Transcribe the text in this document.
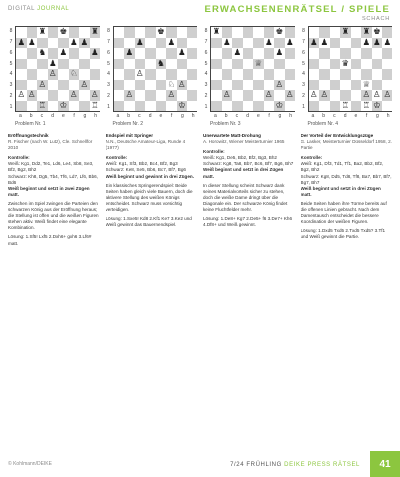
DIGITAL JOURNAL	ERWACHSENENRÄTSEL / SPIELE
SCHACH
8
7
6
5
4
3
2
1
♜ ♚	♜
♟ ♟	♟ ♟
♞ ♟	♟
♟
♙ ♘
♙	♙
♙ ♙	♙ ♙
♖ ♔	♖
a	b	c	d	e	f	g	h
Problem Nr. 1
Eröffnungstechnik
R. Fischer (nach W. Lutz), Cle. Schnellfor 2010
Kontrolle:
Weiß: Kg1, Dd2, Te1, Ld6, Le4, Sb8, Se3, Bf2, Bg2, Bh2
Schwarz: Kh8, Dg5, Tb4, Tf6, Ld7, Lf6, Bb6, Bd6
Weiß beginnt und setzt in zwei Zügen matt.
Zwischen im Spiel zwingen die Parteien den schwarzen König aus der Eröffnung heraus; die Stellung ist offen und die weißen Figuren stehen aktiv. Weiß findet eine elegante Kombination.
Lösung: 1.Sf5! Lxf5 2.Dxh6+ gxh6 3.Lf6# matt.
8
7
6
5
4
3
2
1
♚
♟	♟
♟	♟
♞
♙
♘ ♙
♙	♙
♔
a	b	c	d	e	f	g	h
Problem Nr. 2
Endspiel mit Springer
N.N., Deutsche Amateur-Liga, Runde 4 (1977)
Kontrolle:
Weiß: Kg1, Sf3, Bb2, Bc4, Bf2, Bg3
Schwarz: Ke8, Se5, Bb6, Bc7, Bf7, Bg6
Weiß beginnt und gewinnt in drei Zügen.
Ein klassisches Springerendspiel: Beide Seiten haben gleich viele Bauern, doch die aktivere Stellung des weißen Königs entscheidet. Schwarz muss vorsichtig verteidigen.
Lösung: 1.Sxe5! Kd8 2.Kf1 Ke7 3.Ke2 und Weiß gewinnt das Bauernendspiel.
8
7
6
5
4
3
2
1
♜	♚
♟	♟ ♟
♟	♟
♕
♙
♙	♙ ♙
♔
a	b	c	d	e	f	g	h
Problem Nr. 3
Unerwartete Matt-Drohung
A. Horowitz, Wiener Meisterturnier 1965
Kontrolle:
Weiß: Kg1, De5, Bb2, Bf2, Bg3, Bh2
Schwarz: Kg8, Ta8, Bb7, Bc6, Bf7, Bg6, Bh7
Weiß beginnt und setzt in drei Zügen matt.
In dieser Stellung scheint Schwarz dank seines Materialvorteils sicher zu stehen, doch die weiße Dame dringt über die Diagonale ein. Der schwarze König findet keine Fluchtfelder mehr.
Lösung: 1.De8+ Kg7 2.De5+ f6 3.De7+ Kh6 4.Df8+ und Weiß gewinnt.
8
7
6
5
4
3
2
1
♜ ♜ ♚
♟ ♟	♟ ♟ ♟
♛
♕
♙ ♙	♙ ♙ ♙
♖ ♖ ♔
a	b	c	d	e	f	g	h
Problem Nr. 4
Der Vorteil der Entwicklungszüge
G. Lasker, Meisterturnier Düsseldorf 1958, 2. Partie
Kontrolle:
Weiß: Kg1, Df3, Td1, Tf1, Ba2, Bb2, Bf2, Bg2, Bh2
Schwarz: Kg8, Dd5, Td8, Tf8, Ba7, Bb7, Bf7, Bg7, Bh7
Weiß beginnt und setzt in drei Zügen matt.
Beide Seiten haben ihre Türme bereits auf die offenen Linien gebracht. Nach dem Damentausch entscheidet die bessere Koordination der weißen Figuren.
Lösung: 1.Dxd5 Txd5 2.Txd5 Txd5? 3.Tf1 und Weiß gewinnt die Partie.
© Kohlmann/DEIKE	7/24 FRÜHLING DEIKE PRESS RÄTSEL	41
